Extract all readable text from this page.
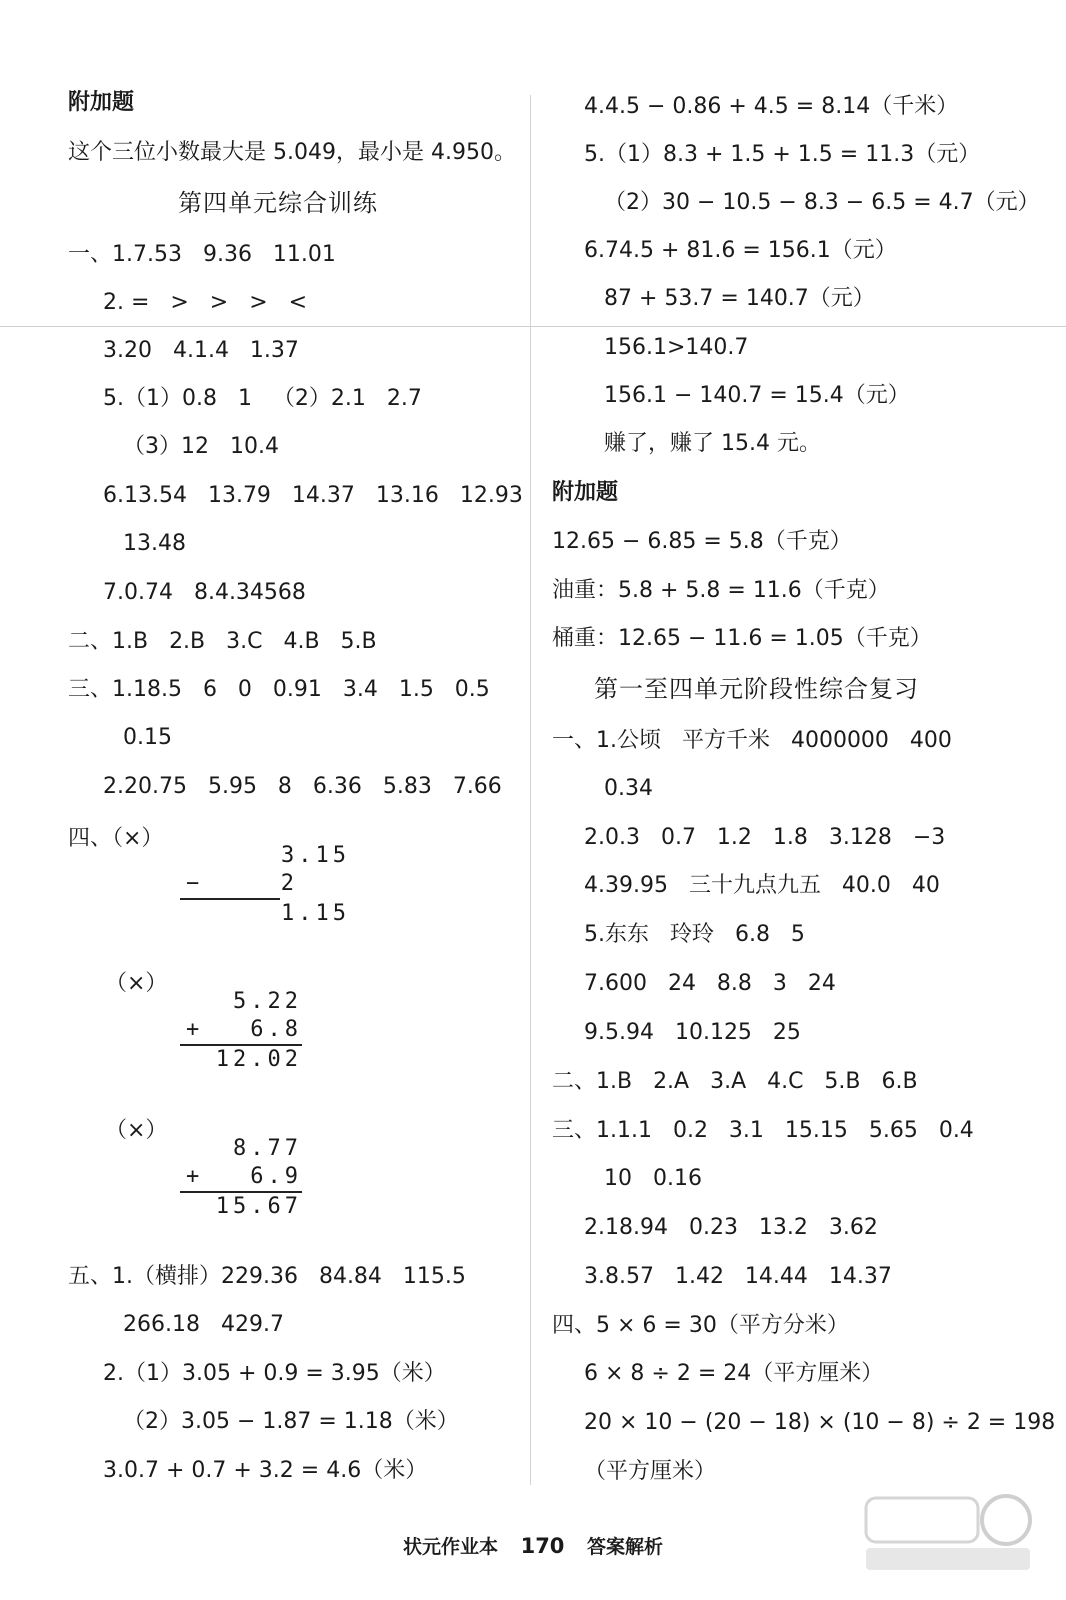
附加题
这个三位小数最大是 5.049，最小是 4.950。
第四单元综合训练
一、1.7.53   9.36   11.01
2. =   >   >   >   <
3.20   4.1.4   1.37
5.（1）0.8   1   （2）2.1   2.7
（3）12   10.4
6.13.54   13.79   14.37   13.16   12.93
13.48
7.0.74   8.4.34568
二、1.B   2.B   3.C   4.B   5.B
三、1.18.5   6   0   0.91   3.4   1.5   0.5
0.15
2.20.75   5.95   8   6.36   5.83   7.66
四、（×）
3.15
−	2
1.15
（×）
5.22
+ 6.8
12.02
（×）
8.77
+ 6.9
15.67
五、1.（横排）229.36   84.84   115.5
266.18   429.7
2.（1）3.05 + 0.9 = 3.95（米）
（2）3.05 − 1.87 = 1.18（米）
3.0.7 + 0.7 + 3.2 = 4.6（米）
4.4.5 − 0.86 + 4.5 = 8.14（千米）
5.（1）8.3 + 1.5 + 1.5 = 11.3（元）
（2）30 − 10.5 − 8.3 − 6.5 = 4.7（元）
6.74.5 + 81.6 = 156.1（元）
87 + 53.7 = 140.7（元）
156.1>140.7
156.1 − 140.7 = 15.4（元）
赚了，赚了 15.4 元。
附加题
12.65 − 6.85 = 5.8（千克）
油重：5.8 + 5.8 = 11.6（千克）
桶重：12.65 − 11.6 = 1.05（千克）
第一至四单元阶段性综合复习
一、1.公顷   平方千米   4000000   400
0.34
2.0.3   0.7   1.2   1.8   3.128   −3
4.39.95   三十九点九五   40.0   40
5.东东   玲玲   6.8   5
7.600   24   8.8   3   24
9.5.94   10.125   25
二、1.B   2.A   3.A   4.C   5.B   6.B
三、1.1.1   0.2   3.1   15.15   5.65   0.4
10   0.16
2.18.94   0.23   13.2   3.62
3.8.57   1.42   14.44   14.37
四、5 × 6 = 30（平方分米）
6 × 8 ÷ 2 = 24（平方厘米）
20 × 10 − (20 − 18) × (10 − 8) ÷ 2 = 198
（平方厘米）
状元作业本 170 答案解析
